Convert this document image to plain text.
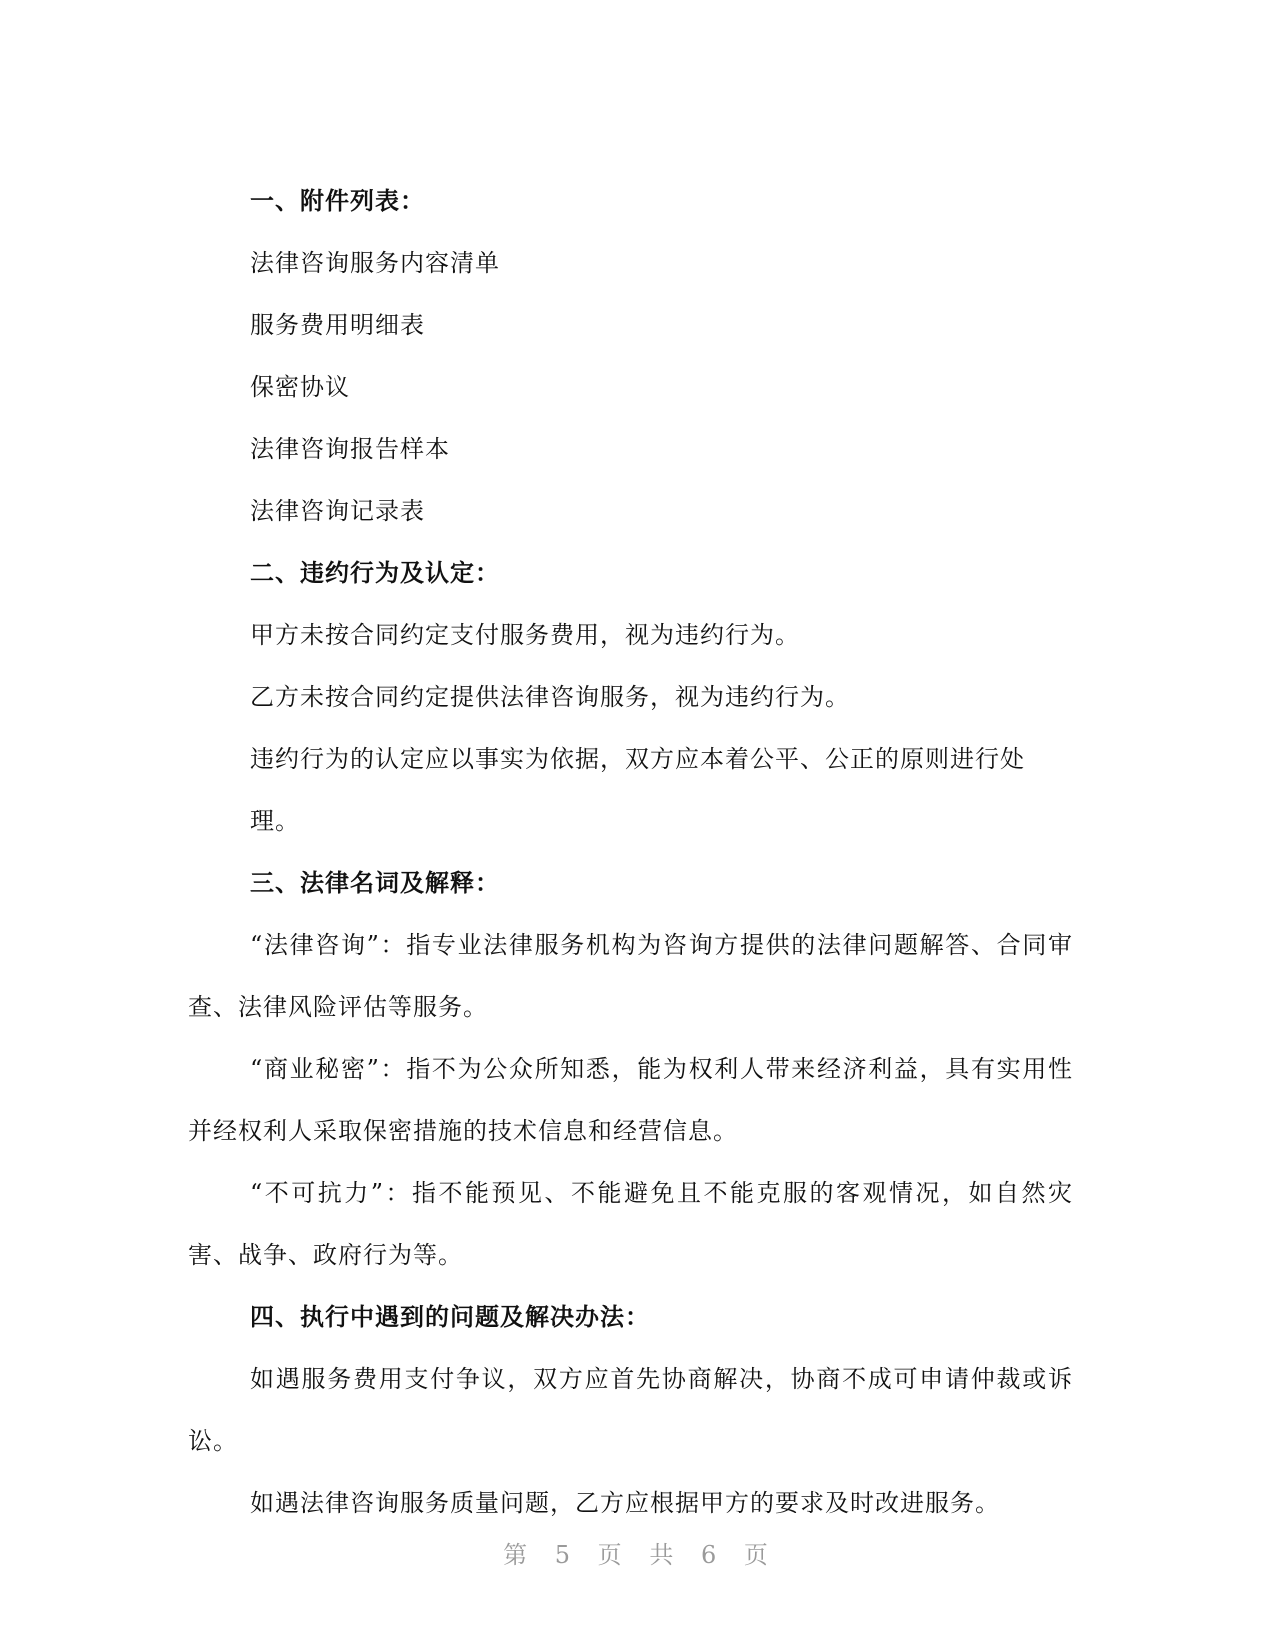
一、附件列表：

法律咨询服务内容清单

服务费用明细表

保密协议

法律咨询报告样本

法律咨询记录表

二、违约行为及认定：

甲方未按合同约定支付服务费用，视为违约行为。

乙方未按合同约定提供法律咨询服务，视为违约行为。

违约行为的认定应以事实为依据，双方应本着公平、公正的原则进行处理。

三、法律名词及解释：

“法律咨询”：指专业法律服务机构为咨询方提供的法律问题解答、合同审查、法律风险评估等服务。

“商业秘密”：指不为公众所知悉，能为权利人带来经济利益，具有实用性并经权利人采取保密措施的技术信息和经营信息。

“不可抗力”：指不能预见、不能避免且不能克服的客观情况，如自然灾害、战争、政府行为等。

四、执行中遇到的问题及解决办法：

如遇服务费用支付争议，双方应首先协商解决，协商不成可申请仲裁或诉讼。

如遇法律咨询服务质量问题，乙方应根据甲方的要求及时改进服务。

第 5 页 共 6 页
